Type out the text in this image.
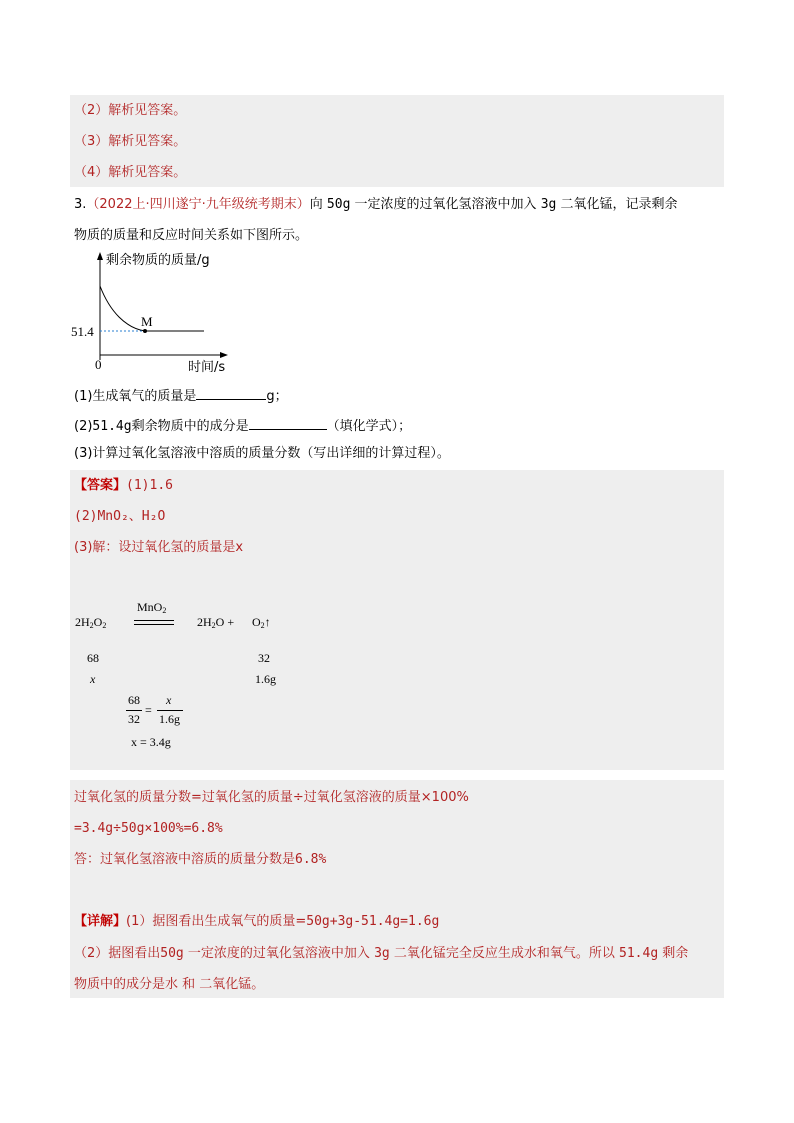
（2）解析见答案。
（3）解析见答案。
（4）解析见答案。
3.（2022上·四川遂宁·九年级统考期末）向 50g 一定浓度的过氧化氢溶液中加入 3g 二氧化锰，记录剩余
物质的质量和反应时间关系如下图所示。
剩余物质的质量/g
时间/s
0
51.4
M
(1)生成氧气的质量是	g；
(2)51.4g剩余物质中的成分是	（填化学式）；
(3)计算过氧化氢溶液中溶质的质量分数（写出详细的计算过程）。
【答案】(1)1.6
(2)MnO₂、H₂O
(3)解：设过氧化氢的质量是x
$2H_2O_2$
MnO$_2$
$2H_2O$ + $O_2↑$
68
x
32
1.6g
68
32
=
x
1.6g
x = 3.4g
过氧化氢的质量分数=过氧化氢的质量÷过氧化氢溶液的质量×100%
=3.4g÷50g×100%=6.8%
答：过氧化氢溶液中溶质的质量分数是6.8%
【详解】(1）据图看出生成氧气的质量=50g+3g-51.4g=1.6g
（2）据图看出50g 一定浓度的过氧化氢溶液中加入 3g 二氧化锰完全反应生成水和氧气。所以 51.4g 剩余
物质中的成分是水 和 二氧化锰。
